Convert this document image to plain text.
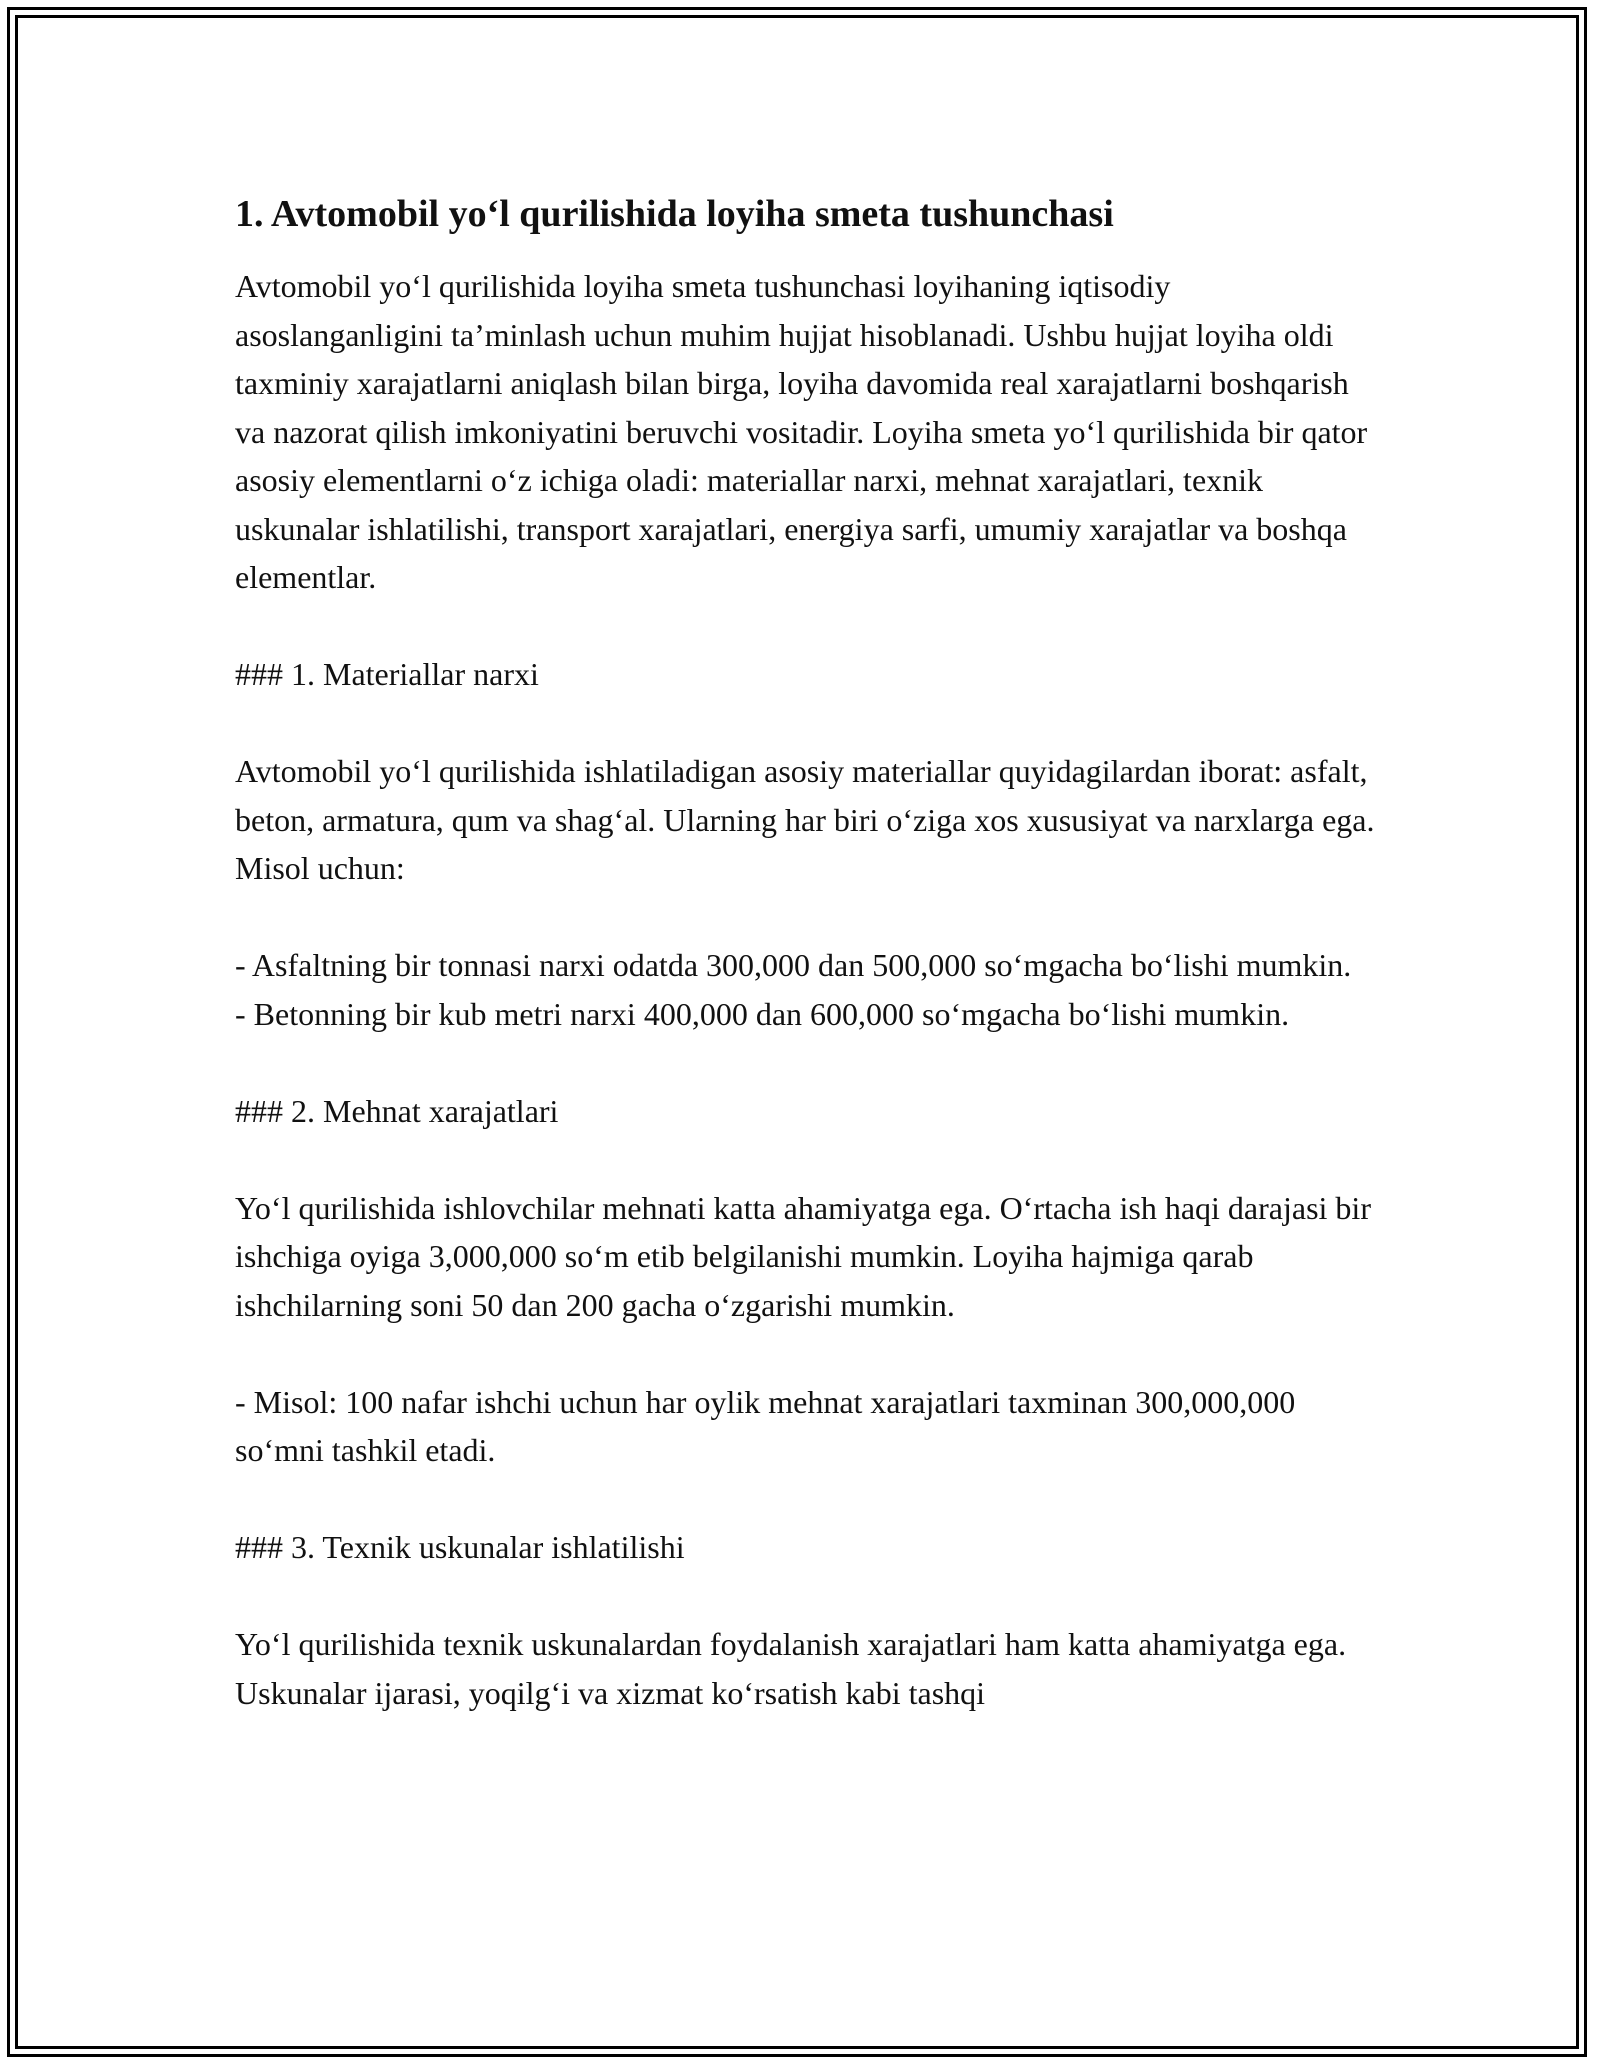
1. Avtomobil yo‘l qurilishida loyiha smeta tushunchasi

Avtomobil yo‘l qurilishida loyiha smeta tushunchasi loyihaning iqtisodiy asoslanganligini ta’minlash uchun muhim hujjat hisoblanadi. Ushbu hujjat loyiha oldi taxminiy xarajatlarni aniqlash bilan birga, loyiha davomida real xarajatlarni boshqarish va nazorat qilish imkoniyatini beruvchi vositadir. Loyiha smeta yo‘l qurilishida bir qator asosiy elementlarni o‘z ichiga oladi: materiallar narxi, mehnat xarajatlari, texnik uskunalar ishlatilishi, transport xarajatlari, energiya sarfi, umumiy xarajatlar va boshqa elementlar.

### 1. Materiallar narxi

Avtomobil yo‘l qurilishida ishlatiladigan asosiy materiallar quyidagilardan iborat: asfalt, beton, armatura, qum va shag‘al. Ularning har biri o‘ziga xos xususiyat va narxlarga ega. Misol uchun:

- Asfaltning bir tonnasi narxi odatda 300,000 dan 500,000 so‘mgacha bo‘lishi mumkin.

- Betonning bir kub metri narxi 400,000 dan 600,000 so‘mgacha bo‘lishi mumkin.

### 2. Mehnat xarajatlari

Yo‘l qurilishida ishlovchilar mehnati katta ahamiyatga ega. O‘rtacha ish haqi darajasi bir ishchiga oyiga 3,000,000 so‘m etib belgilanishi mumkin. Loyiha hajmiga qarab ishchilarning soni 50 dan 200 gacha o‘zgarishi mumkin.

- Misol: 100 nafar ishchi uchun har oylik mehnat xarajatlari taxminan 300,000,000 so‘mni tashkil etadi.

### 3. Texnik uskunalar ishlatilishi

Yo‘l qurilishida texnik uskunalardan foydalanish xarajatlari ham katta ahamiyatga ega. Uskunalar ijarasi, yoqilg‘i va xizmat ko‘rsatish kabi tashqi
